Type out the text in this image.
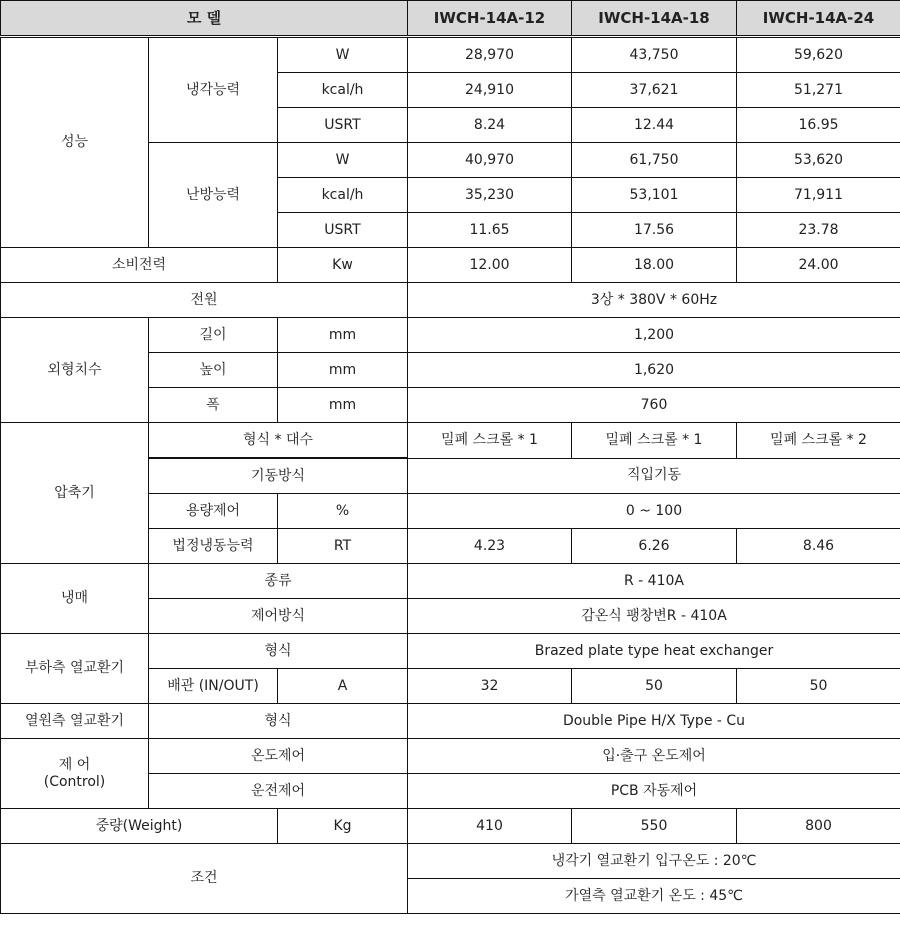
모 델			IWCH-14A-12	IWCH-14A-18	IWCH-14A-24
성능	냉각능력	W	28,970	43,750	59,620
		kcal/h	24,910	37,621	51,271
		USRT	8.24	12.44	16.95
	난방능력	W	40,970	61,750	53,620
		kcal/h	35,230	53,101	71,911
		USRT	11.65	17.56	23.78
소비전력		Kw	12.00	18.00	24.00
전원			3상 * 380V * 60Hz		
외형치수	길이	mm	1,200		
	높이	mm	1,620		
	폭	mm	760		
압축기	형식 * 대수		밀폐 스크롤 * 1	밀폐 스크롤 * 1	밀폐 스크롤 * 2
	기동방식		직입기동		
	용량제어	%	0 ~ 100		
	법정냉동능력	RT	4.23	6.26	8.46
냉매	종류		R - 410A		
	제어방식		감온식 팽창변R - 410A		
부하측 열교환기	형식		Brazed plate type heat exchanger		
	배관 (IN/OUT)	A	32	50	50
열원측 열교환기	형식		Double Pipe H/X Type - Cu		

제 어
(Control)	온도제어		입·출구 온도제어		
	운전제어		PCB 자동제어		
중량(Weight)		Kg	410	550	800
조건			냉각기 열교환기 입구온도 : 20℃		
			가열측 열교환기 온도 : 45℃		
